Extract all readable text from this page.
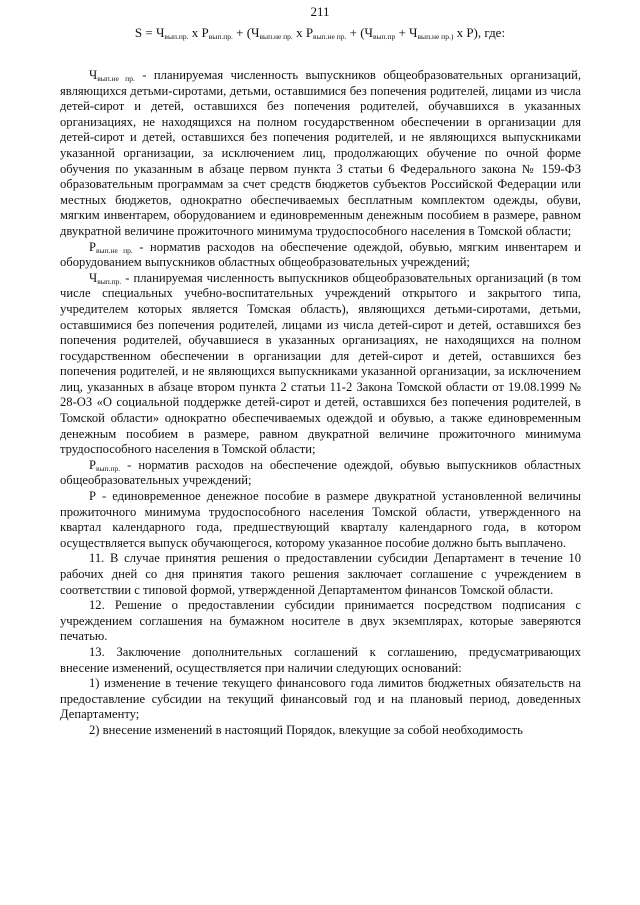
211
$S = Ч_{вып.пр.}$ х $Р_{вып.пр.} + (Ч_{вып.не пр.}$ х $Р_{вып.не пр.} + (Ч_{вып.пр} + Ч_{вып.не пр.)}$ х Р), где:

$Ч_{вып.не пр.}$ - планируемая численность выпускников общеобразовательных организаций, являющихся детьми-сиротами, детьми, оставшимися без попечения родителей, лицами из числа детей-сирот и детей, оставшихся без попечения родителей, обучавшихся в указанных организациях, не находящихся на полном государственном обеспечении в организации для детей-сирот и детей, оставшихся без попечения родителей, и не являющихся выпускниками указанной организации, за исключением лиц, продолжающих обучение по очной форме обучения по указанным в абзаце первом пункта 3 статьи 6 Федерального закона № 159-ФЗ образовательным программам за счет средств бюджетов субъектов Российской Федерации или местных бюджетов, однократно обеспечиваемых бесплатным комплектом одежды, обуви, мягким инвентарем, оборудованием и единовременным денежным пособием в размере, равном двукратной величине прожиточного минимума трудоспособного населения в Томской области;

$Р_{вып.не пр.}$ - норматив расходов на обеспечение одеждой, обувью, мягким инвентарем и оборудованием выпускников областных общеобразовательных учреждений;

$Ч_{вып.пр.}$ - планируемая численность выпускников общеобразовательных организаций (в том числе специальных учебно-воспитательных учреждений открытого и закрытого типа, учредителем которых является Томская область), являющихся детьми-сиротами, детьми, оставшимися без попечения родителей, лицами из числа детей-сирот и детей, оставшихся без попечения родителей, обучавшиеся в указанных организациях, не находящихся на полном государственном обеспечении в организации для детей-сирот и детей, оставшихся без попечения родителей, и не являющихся выпускниками указанной организации, за исключением лиц, указанных в абзаце втором пункта 2 статьи 11-2 Закона Томской области от 19.08.1999 № 28-ОЗ «О социальной поддержке детей-сирот и детей, оставшихся без попечения родителей, в Томской области» однократно обеспечиваемых одеждой и обувью, а также единовременным денежным пособием в размере, равном двукратной величине прожиточного минимума трудоспособного населения в Томской области;

$Р_{вып.пр.}$ - норматив расходов на обеспечение одеждой, обувью выпускников областных общеобразовательных учреждений;

Р - единовременное денежное пособие в размере двукратной установленной величины прожиточного минимума трудоспособного населения Томской области, утвержденного на квартал календарного года, предшествующий кварталу календарного года, в котором осуществляется выпуск обучающегося, которому указанное пособие должно быть выплачено.

11. В случае принятия решения о предоставлении субсидии Департамент в течение 10 рабочих дней со дня принятия такого решения заключает соглашение с учреждением в соответствии с типовой формой, утвержденной Департаментом финансов Томской области.

12. Решение о предоставлении субсидии принимается посредством подписания с учреждением соглашения на бумажном носителе в двух экземплярах, которые заверяются печатью.

13. Заключение дополнительных соглашений к соглашению, предусматривающих внесение изменений, осуществляется при наличии следующих оснований:

1) изменение в течение текущего финансового года лимитов бюджетных обязательств на предоставление субсидии на текущий финансовый год и на плановый период, доведенных Департаменту;

2) внесение изменений в настоящий Порядок, влекущие за собой необходимость
